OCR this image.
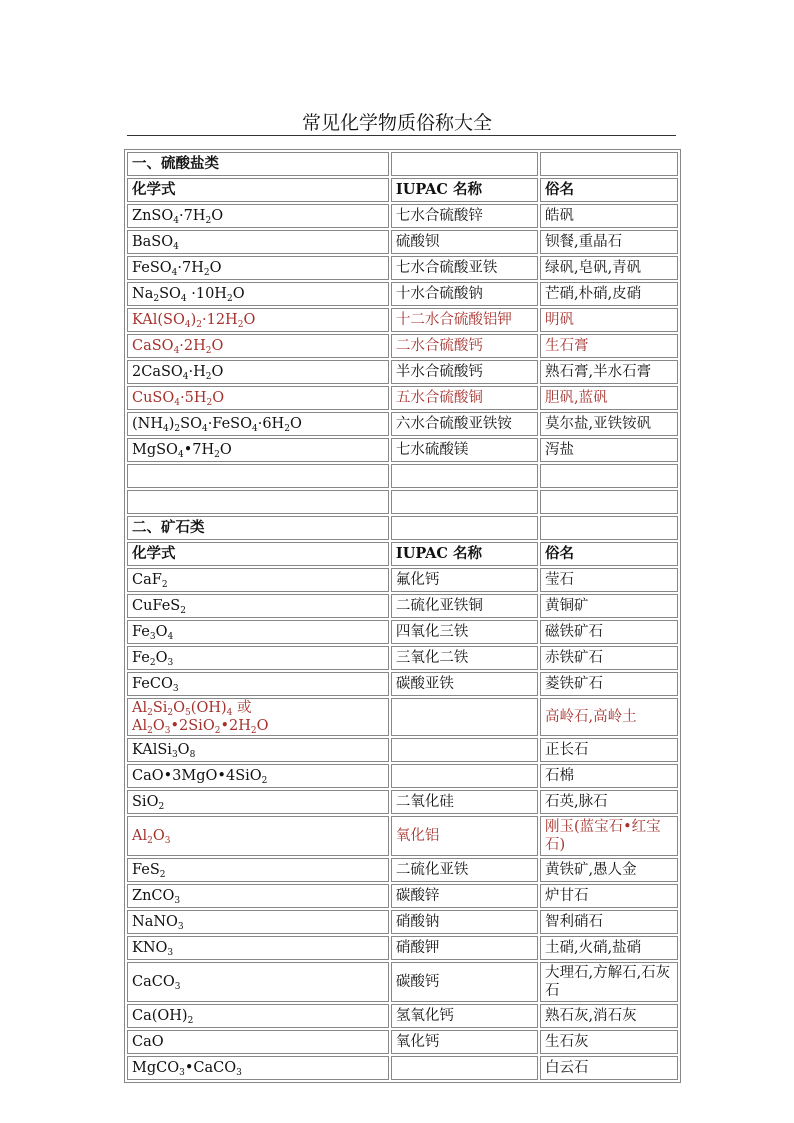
常见化学物质俗称大全
一、硫酸盐类		
化学式	IUPAC 名称	俗名
$ZnSO_4\cdot 7H_2O$	七水合硫酸锌	皓矾
BaSO$_4$	硫酸钡	钡餐,重晶石
$FeSO_4\cdot 7H_2O$	七水合硫酸亚铁	绿矾,皂矾,青矾
$Na_2SO_4 \cdot 10H_2O$	十水合硫酸钠	芒硝,朴硝,皮硝
$KAl(SO_4)_2\cdot 12H_2O$	十二水合硫酸铝钾	明矾
$CaSO_4\cdot 2H_2O$	二水合硫酸钙	生石膏
$2CaSO_4\cdot H_2O$	半水合硫酸钙	熟石膏,半水石膏
$CuSO_4\cdot 5H_2O$	五水合硫酸铜	胆矾,蓝矾
$(NH_4)_2SO_4\cdot FeSO_4\cdot 6H_2O$	六水合硫酸亚铁铵	莫尔盐,亚铁铵矾
$MgSO_4•7H_2O$	七水硫酸镁	泻盐

二、矿石类		
化学式	IUPAC 名称	俗名
CaF$_2$	氟化钙	莹石
CuFeS$_2$	二硫化亚铁铜	黄铜矿
$Fe_3O_4$	四氧化三铁	磁铁矿石
$Fe_2O_3$	三氧化二铁	赤铁矿石
FeCO$_3$	碳酸亚铁	菱铁矿石
$Al_2Si_2O_5(OH)_4$ 或 $Al_2O_3•2SiO_2•2H_2O$		高岭石,高岭土
$KAlSi_3O_8$		正长石
CaO•3MgO•4SiO$_2$		石棉
SiO$_2$	二氧化硅	石英,脉石
$Al_2O_3$	氧化铝	刚玉(蓝宝石•红宝石)
FeS$_2$	二硫化亚铁	黄铁矿,愚人金
ZnCO$_3$	碳酸锌	炉甘石
NaNO$_3$	硝酸钠	智利硝石
$KNO_3$	硝酸钾	土硝,火硝,盐硝
CaCO$_3$	碳酸钙	大理石,方解石,石灰石
$Ca(OH)_2$	氢氧化钙	熟石灰,消石灰
CaO	氧化钙	生石灰
MgCO$_3$•CaCO$_3$		白云石
